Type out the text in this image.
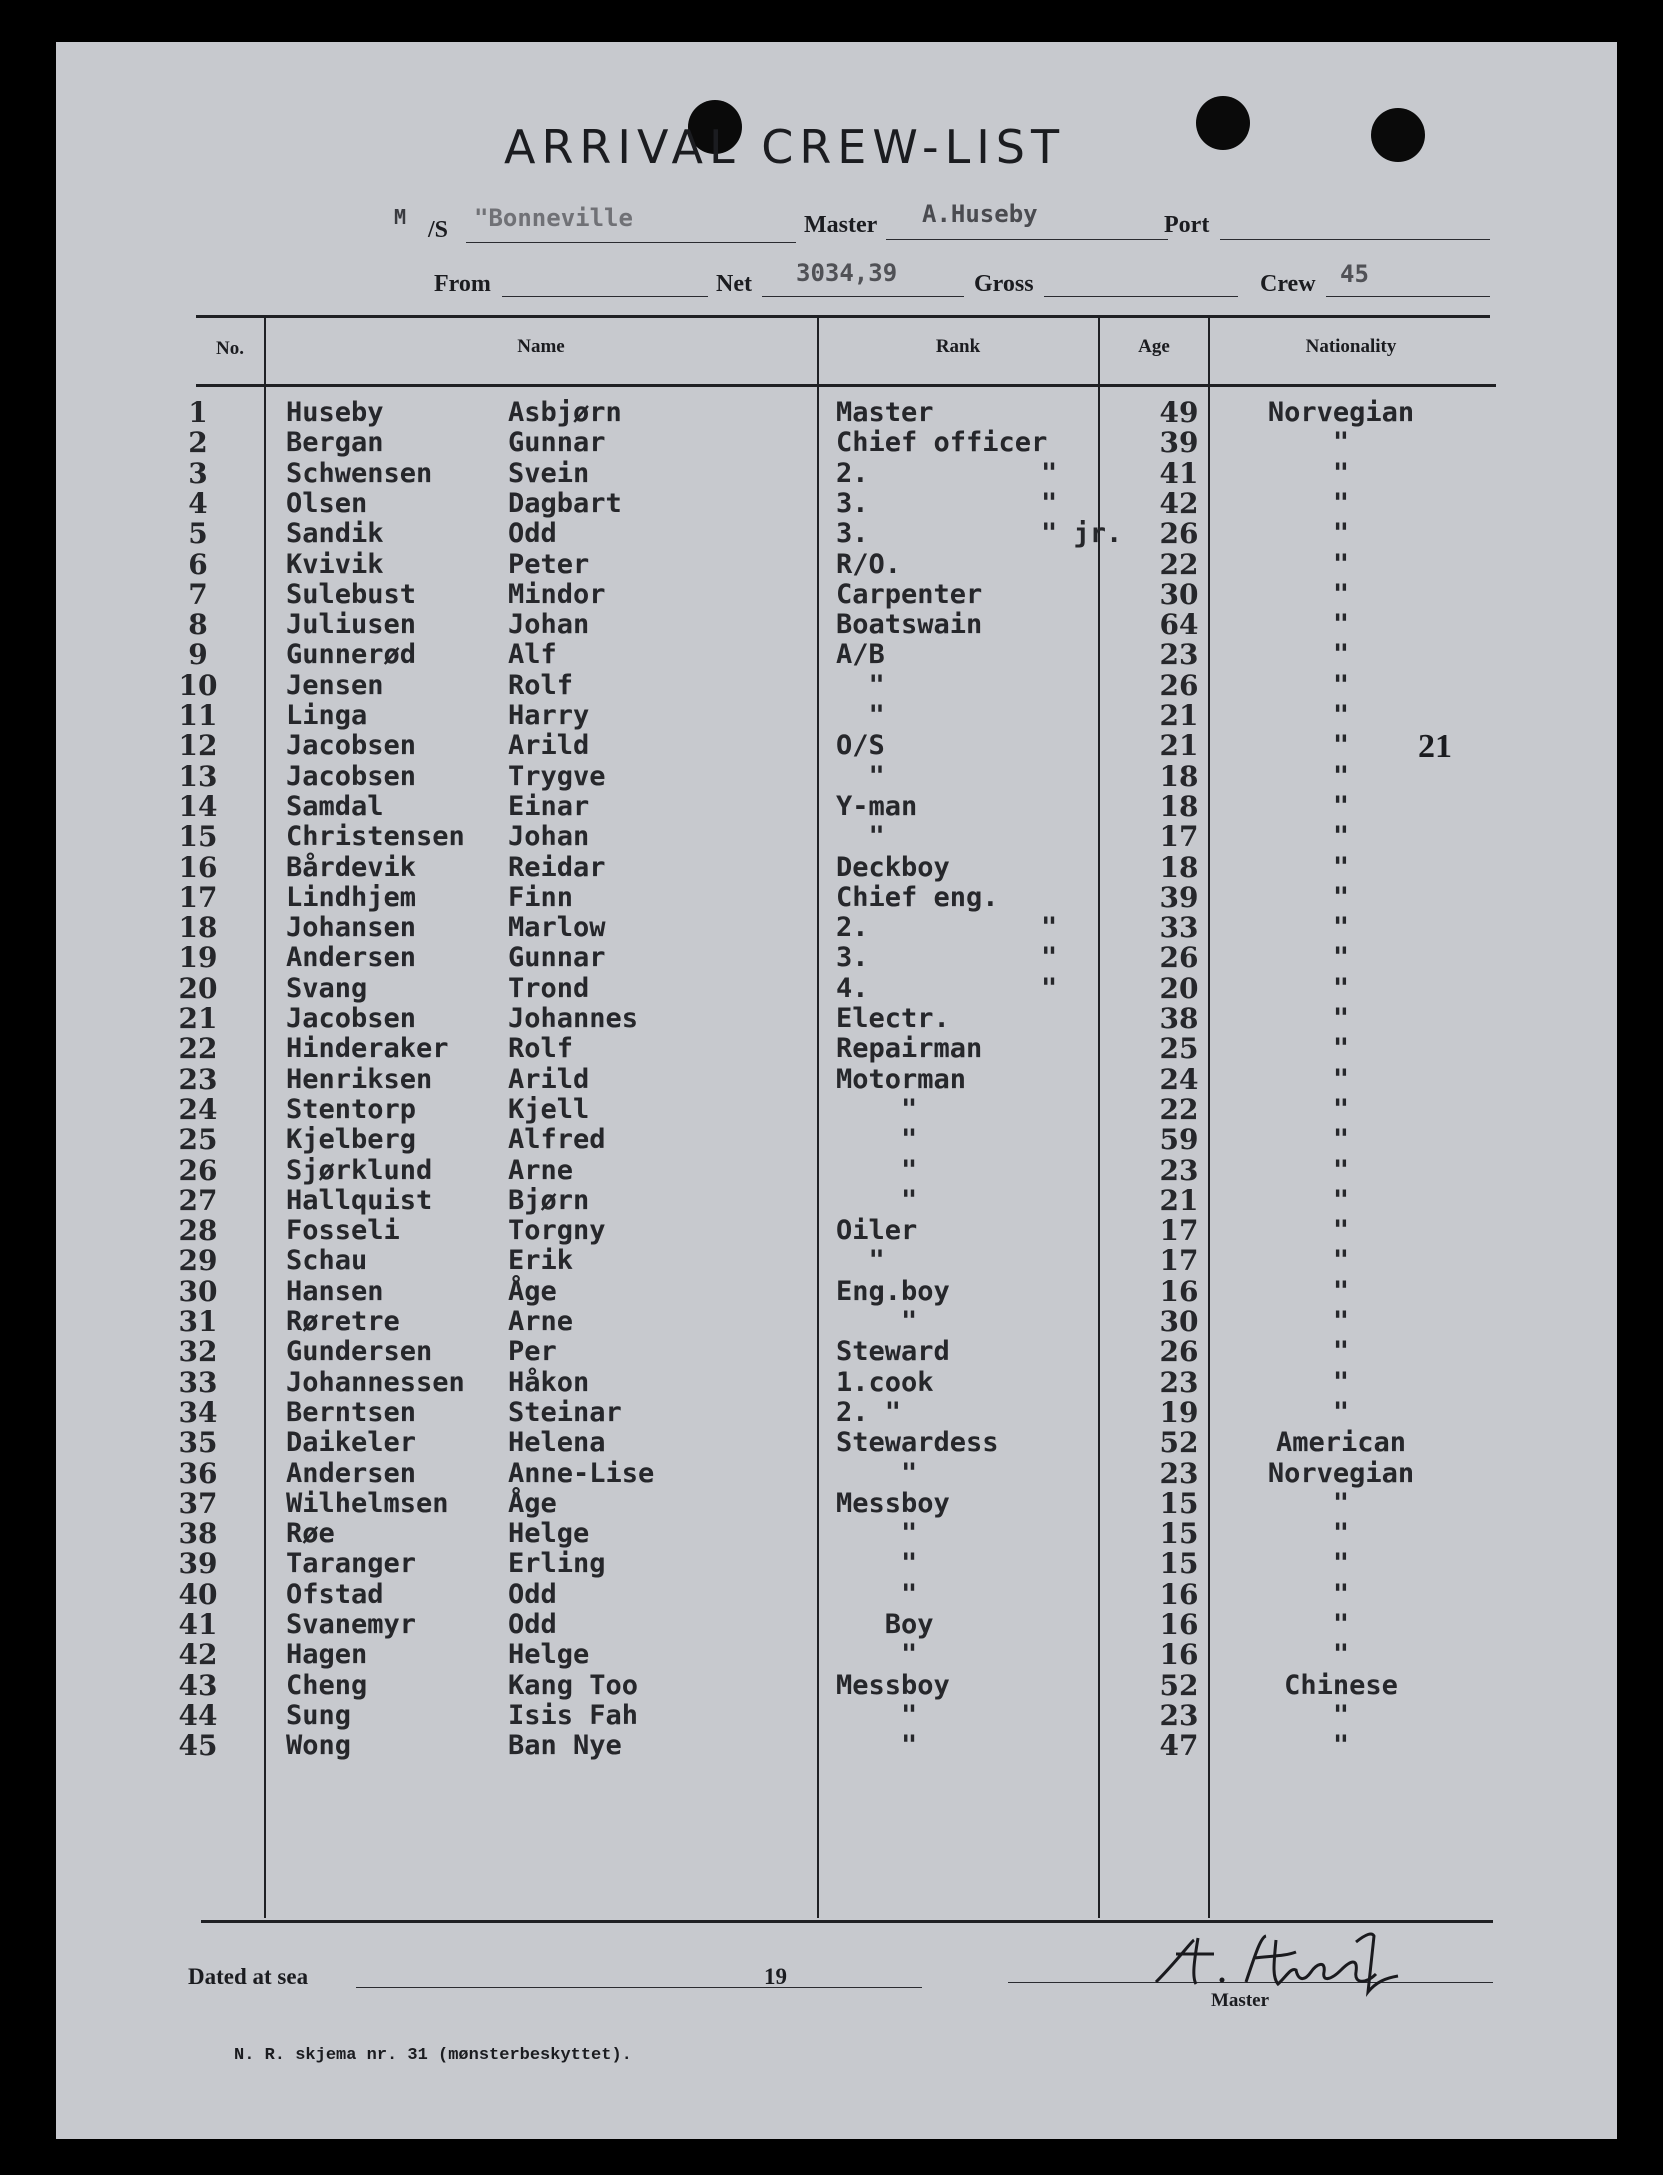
ARRIVAL CREW-LIST
M /S "Bonneville	Master A.Huseby	Port
From	Net 3034,39	Gross	Crew 45
No.	Name	Rank	Age	Nationality
1	Huseby	Asbjørn	Master	49	Norvegian
2	Bergan	Gunnar	Chief officer	39	"
3	Schwensen	Svein	2.	"	41	"
4	Olsen	Dagbart	3.	"	42	"
5	Sandik	Odd	3.	" jr.	26	"
6	Kvivik	Peter	R/O.	22	"
7	Sulebust	Mindor	Carpenter	30	"
8	Juliusen	Johan	Boatswain	64	"
9	Gunnerød	Alf	A/B	23	"
10	Jensen	Rolf	"	26	"
11	Linga	Harry	"	21	"
12	Jacobsen	Arild	O/S	21	"
13	Jacobsen	Trygve	"	18	"
14	Samdal	Einar	Y-man	18	"
15	Christensen Johan	"	17	"
16	Bårdevik	Reidar	Deckboy	18	"
17	Lindhjem	Finn	Chief eng.	39	"
18	Johansen	Marlow	2.	"	33	"
19	Andersen	Gunnar	3.	"	26	"
20	Svang	Trond	4.	"	20	"
21	Jacobsen	Johannes	Electr.	38	"
22	Hinderaker Rolf	Repairman	25	"
23	Henriksen	Arild	Motorman	24	"
24	Stentorp	Kjell	"	22	"
25	Kjelberg	Alfred	"	59	"
26	Sjørklund	Arne	"	23	"
27	Hallquist	Bjørn	"	21	"
28	Fosseli	Torgny	Oiler	17	"
29	Schau	Erik	"	17	"
30	Hansen	Åge	Eng.boy	16	"
31	Røretre	Arne	"	30	"
32	Gundersen	Per	Steward	26	"
33	Johannessen Håkon	1.cook	23	"
34	Berntsen	Steinar	2. "	19	"
35	Daikeler	Helena	Stewardess	52	American
36	Andersen	Anne-Lise	"	23	Norvegian
37	Wilhelmsen Åge	Messboy	15	"
38	Røe	Helge	"	15	"
39	Taranger	Erling	"	15	"
40	Ofstad	Odd	"	16	"
41	Svanemyr	Odd	Boy	16	"
42	Hagen	Helge	"	16	"
43	Cheng	Kang Too	Messboy	52	Chinese
44	Sung	Isis Fah	"	23	"
45	Wong	Ban Nye	"	47	"
21
Dated at sea	19
Master
N. R. skjema nr. 31 (mønsterbeskyttet).
